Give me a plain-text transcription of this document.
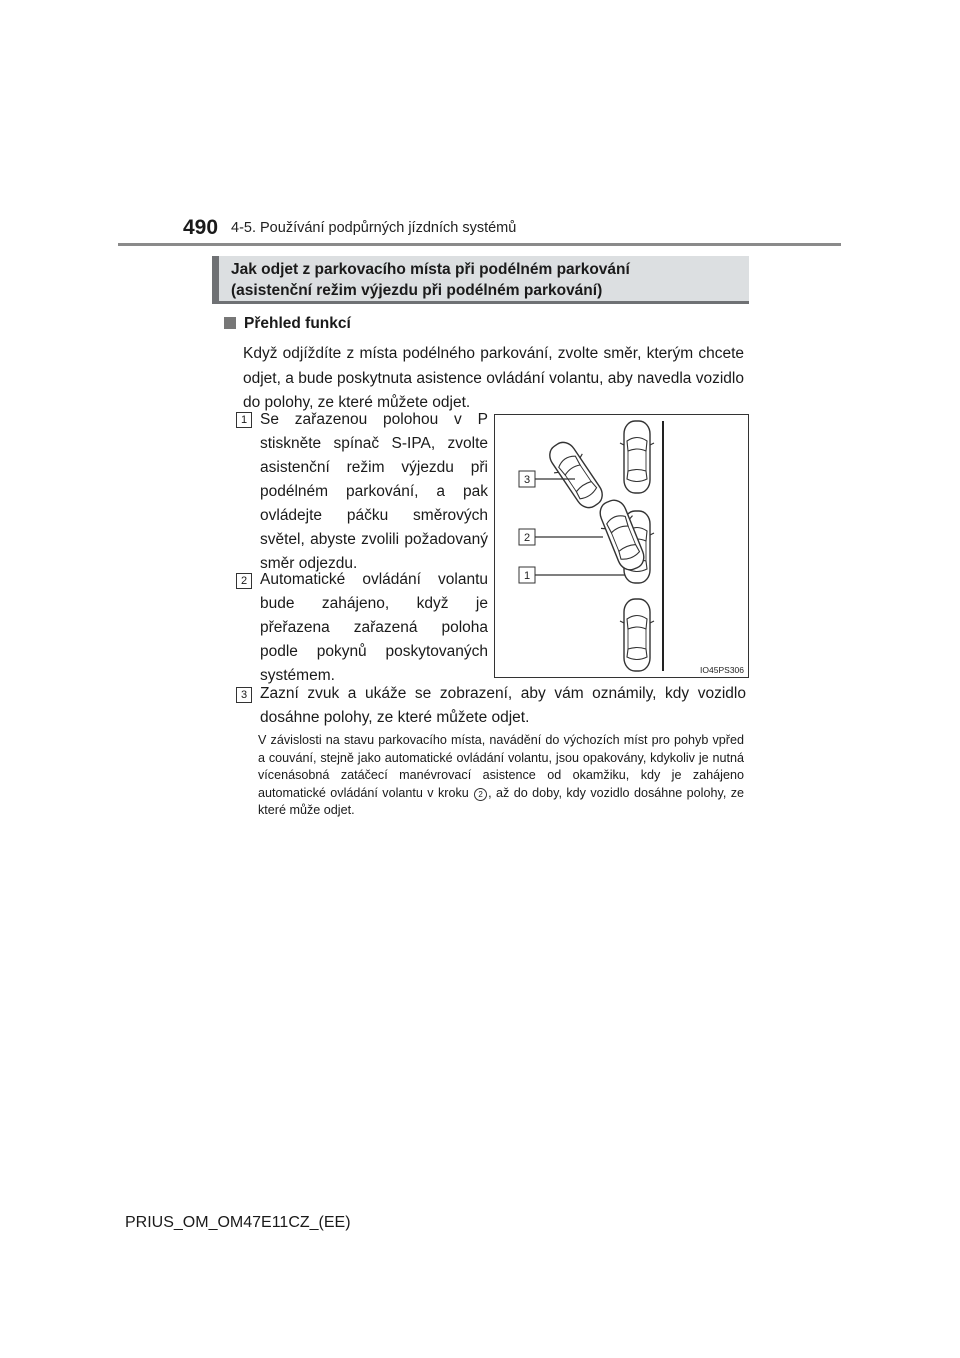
490 4-5. Používání podpůrných jízdních systémů
Jak odjet z parkovacího místa při podélném parkování
(asistenční režim výjezdu při podélném parkování)
Přehled funkcí
Když odjíždíte z místa podélného parkování, zvolte směr, kterým chcete odjet, a bude poskytnuta asistence ovládání volantu, aby navedla vozidlo do polohy, ze které můžete odjet.
1 Se zařazenou polohou v P stiskněte spínač S-IPA, zvolte asistenční režim výjezdu při podélném parkování, a pak ovládejte páčku směrových světel, abyste zvolili požadovaný směr odjezdu.
2 Automatické ovládání volantu bude zahájeno, když je přeřazena zařazená poloha podle pokynů poskytovaných systémem.
3
2
1
IO45PS306
3 Zazní zvuk a ukáže se zobrazení, aby vám oznámily, kdy vozidlo dosáhne polohy, ze které můžete odjet.
V závislosti na stavu parkovacího místa, navádění do výchozích míst pro pohyb vpřed a couvání, stejně jako automatické ovládání volantu, jsou opakovány, kdykoliv je nutná vícenásobná zatáčecí manévrovací asistence od okamžiku, kdy je zahájeno automatické ovládání volantu v kroku 2 , až do doby, kdy vozidlo dosáhne polohy, ze které může odjet.
PRIUS_OM_OM47E11CZ_(EE)
